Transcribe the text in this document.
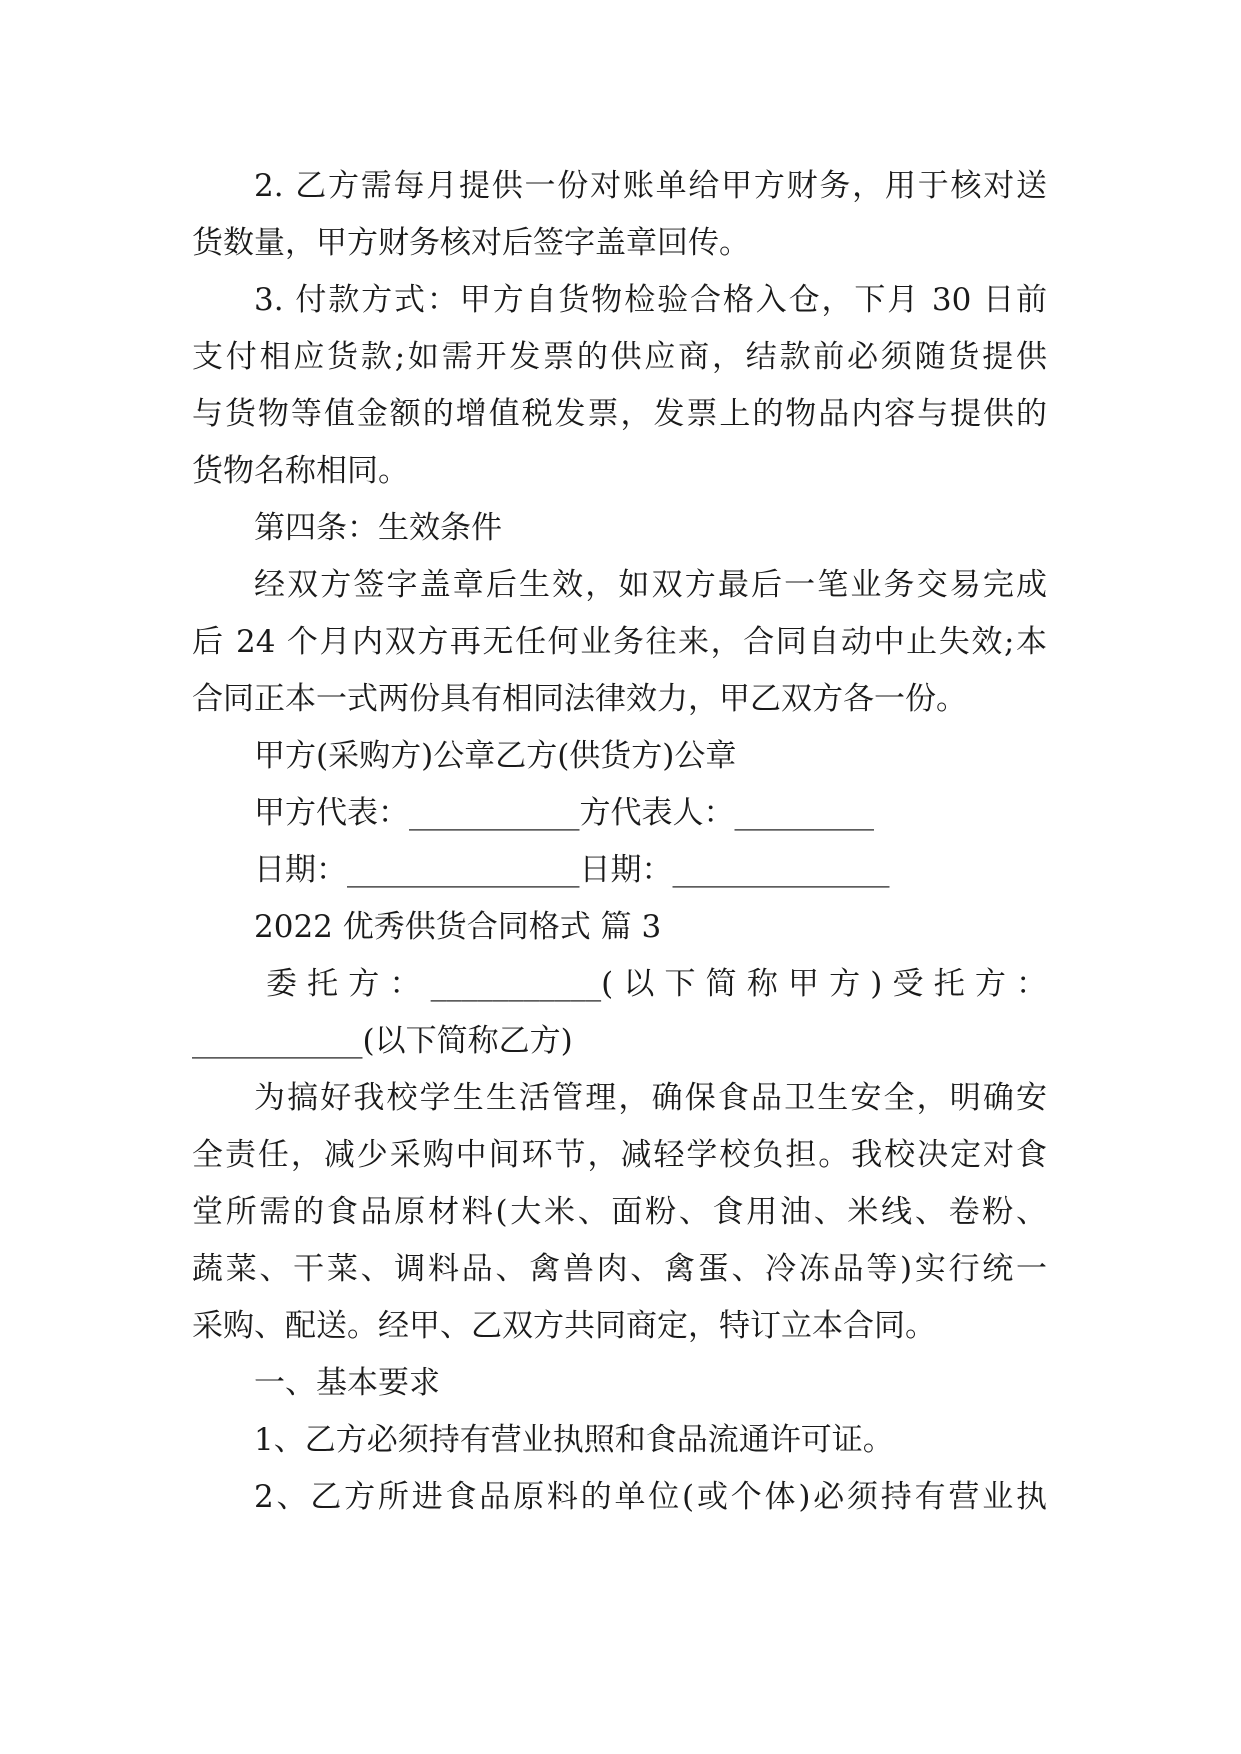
2. 乙方需每月提供一份对账单给甲方财务，用于核对送
货数量，甲方财务核对后签字盖章回传。
3. 付款方式：甲方自货物检验合格入仓，下月 30 日前
支付相应货款;如需开发票的供应商，结款前必须随货提供
与货物等值金额的增值税发票，发票上的物品内容与提供的
货物名称相同。
第四条：生效条件
经双方签字盖章后生效，如双方最后一笔业务交易完成
后 24 个月内双方再无任何业务往来，合同自动中止失效;本
合同正本一式两份具有相同法律效力，甲乙双方各一份。
甲方(采购方)公章乙方(供货方)公章
甲方代表：___________方代表人：_________
日期：_______________日期：______________
2022 优秀供货合同格式 篇 3
委托方：___________(以下简称甲方)受托方：
___________(以下简称乙方)
为搞好我校学生生活管理，确保食品卫生安全，明确安
全责任，减少采购中间环节，减轻学校负担。我校决定对食
堂所需的食品原材料(大米、面粉、食用油、米线、卷粉、
蔬菜、干菜、调料品、禽兽肉、禽蛋、冷冻品等)实行统一
采购、配送。经甲、乙双方共同商定，特订立本合同。
一、基本要求
1、乙方必须持有营业执照和食品流通许可证。
2、乙方所进食品原料的单位(或个体)必须持有营业执
